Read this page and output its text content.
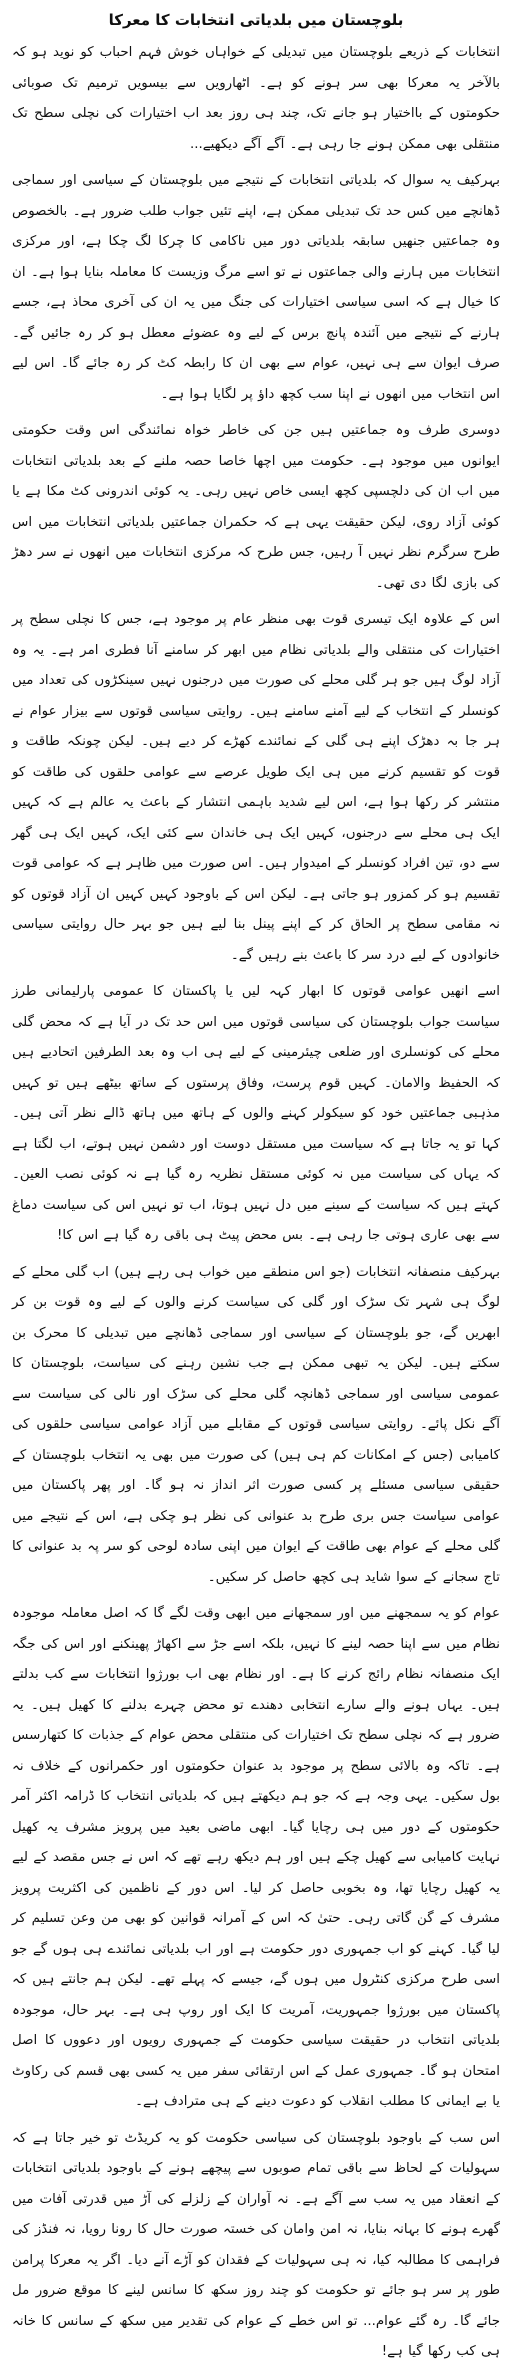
بلوچستان میں بلدیاتی انتخابات کا معرکا

انتخابات کے ذریعے بلوچستان میں تبدیلی کے خواہاں خوش فہم احباب کو نوید ہو کہ بالآخر یہ معرکا بھی سر ہونے کو ہے۔ اٹھارویں سے بیسویں ترمیم تک صوبائی حکومتوں کے بااختیار ہو جانے تک، چند ہی روز بعد اب اختیارات کی نچلی سطح تک منتقلی بھی ممکن ہونے جا رہی ہے۔ آگے آگے دیکھیے...

بہرکیف یہ سوال کہ بلدیاتی انتخابات کے نتیجے میں بلوچستان کے سیاسی اور سماجی ڈھانچے میں کس حد تک تبدیلی ممکن ہے، اپنے تئیں جواب طلب ضرور ہے۔ بالخصوص وہ جماعتیں جنھیں سابقہ بلدیاتی دور میں ناکامی کا چرکا لگ چکا ہے، اور مرکزی انتخابات میں ہارنے والی جماعتوں نے تو اسے مرگ وزیست کا معاملہ بنایا ہوا ہے۔ ان کا خیال ہے کہ اسی سیاسی اختیارات کی جنگ میں یہ ان کی آخری محاذ ہے، جسے ہارنے کے نتیجے میں آئندہ پانچ برس کے لیے وہ عضوئے معطل ہو کر رہ جائیں گے۔ صرف ایوان سے ہی نہیں، عوام سے بھی ان کا رابطہ کٹ کر رہ جائے گا۔ اس لیے اس انتخاب میں انھوں نے اپنا سب کچھ داؤ پر لگایا ہوا ہے۔

دوسری طرف وہ جماعتیں ہیں جن کی خاطر خواہ نمائندگی اس وقت حکومتی ایوانوں میں موجود ہے۔ حکومت میں اچھا خاصا حصہ ملنے کے بعد بلدیاتی انتخابات میں اب ان کی دلچسپی کچھ ایسی خاص نہیں رہی۔ یہ کوئی اندرونی کٹ مکا ہے یا کوئی آزاد روی، لیکن حقیقت یہی ہے کہ حکمران جماعتیں بلدیاتی انتخابات میں اس طرح سرگرم نظر نہیں آ رہیں، جس طرح کہ مرکزی انتخابات میں انھوں نے سر دھڑ کی بازی لگا دی تھی۔

اس کے علاوہ ایک تیسری قوت بھی منظر عام پر موجود ہے، جس کا نچلی سطح پر اختیارات کی منتقلی والے بلدیاتی نظام میں ابھر کر سامنے آنا فطری امر ہے۔ یہ وہ آزاد لوگ ہیں جو ہر گلی محلے کی صورت میں درجنوں نہیں سینکڑوں کی تعداد میں کونسلر کے انتخاب کے لیے آمنے سامنے ہیں۔ روایتی سیاسی قوتوں سے بیزار عوام نے ہر جا بہ دھڑک اپنے ہی گلی کے نمائندے کھڑے کر دیے ہیں۔ لیکن چونکہ طاقت و قوت کو تقسیم کرنے میں ہی ایک طویل عرصے سے عوامی حلقوں کی طاقت کو منتشر کر رکھا ہوا ہے، اس لیے شدید باہمی انتشار کے باعث یہ عالم ہے کہ کہیں ایک ہی محلے سے درجنوں، کہیں ایک ہی خاندان سے کئی ایک، کہیں ایک ہی گھر سے دو، تین افراد کونسلر کے امیدوار ہیں۔ اس صورت میں ظاہر ہے کہ عوامی قوت تقسیم ہو کر کمزور ہو جاتی ہے۔ لیکن اس کے باوجود کہیں کہیں ان آزاد قوتوں کو نہ مقامی سطح پر الحاق کر کے اپنے پینل بنا لیے ہیں جو بہر حال روایتی سیاسی خانوادوں کے لیے درد سر کا باعث بنے رہیں گے۔

اسے انھیں عوامی قوتوں کا ابھار کہہ لیں یا پاکستان کا عمومی پارلیمانی طرز سیاست جواب بلوچستان کی سیاسی قوتوں میں اس حد تک در آیا ہے کہ محض گلی محلے کی کونسلری اور ضلعی چیئرمینی کے لیے ہی اب وہ بعد الطرفین اتحادیے ہیں کہ الحفیظ والامان۔ کہیں قوم پرست، وفاق پرستوں کے ساتھ بیٹھے ہیں تو کہیں مذہبی جماعتیں خود کو سیکولر کہنے والوں کے ہاتھ میں ہاتھ ڈالے نظر آتی ہیں۔ کہا تو یہ جاتا ہے کہ سیاست میں مستقل دوست اور دشمن نہیں ہوتے، اب لگتا ہے کہ یہاں کی سیاست میں نہ کوئی مستقل نظریہ رہ گیا ہے نہ کوئی نصب العین۔ کہتے ہیں کہ سیاست کے سینے میں دل نہیں ہوتا، اب تو نہیں اس کی سیاست دماغ سے بھی عاری ہوتی جا رہی ہے۔ بس محض پیٹ ہی باقی رہ گیا ہے اس کا!

بہرکیف منصفانہ انتخابات (جو اس منطقے میں خواب ہی رہے ہیں) اب گلی محلے کے لوگ ہی شہر تک سڑک اور گلی کی سیاست کرنے والوں کے لیے وہ قوت بن کر ابھریں گے، جو بلوچستان کے سیاسی اور سماجی ڈھانچے میں تبدیلی کا محرک بن سکتے ہیں۔ لیکن یہ تبھی ممکن ہے جب نشین رہنے کی سیاست، بلوچستان کا عمومی سیاسی اور سماجی ڈھانچہ گلی محلے کی سڑک اور نالی کی سیاست سے آگے نکل پائے۔ روایتی سیاسی قوتوں کے مقابلے میں آزاد عوامی سیاسی حلقوں کی کامیابی (جس کے امکانات کم ہی ہیں) کی صورت میں بھی یہ انتخاب بلوچستان کے حقیقی سیاسی مسئلے پر کسی صورت اثر انداز نہ ہو گا۔ اور پھر پاکستان میں عوامی سیاست جس بری طرح بد عنوانی کی نظر ہو چکی ہے، اس کے نتیجے میں گلی محلے کے عوام بھی طاقت کے ایوان میں اپنی سادہ لوحی کو سر پہ بد عنوانی کا تاج سجانے کے سوا شاید ہی کچھ حاصل کر سکیں۔

عوام کو یہ سمجھنے میں اور سمجھانے میں ابھی وقت لگے گا کہ اصل معاملہ موجودہ نظام میں سے اپنا حصہ لینے کا نہیں، بلکہ اسے جڑ سے اکھاڑ پھینکنے اور اس کی جگہ ایک منصفانہ نظام رائج کرنے کا ہے۔ اور نظام بھی اب بورژوا انتخابات سے کب بدلتے ہیں۔ یہاں ہونے والے سارے انتخابی دھندے تو محض چہرے بدلنے کا کھیل ہیں۔ یہ ضرور ہے کہ نچلی سطح تک اختیارات کی منتقلی محض عوام کے جذبات کا کتھارسس ہے۔ تاکہ وہ بالائی سطح پر موجود بد عنوان حکومتوں اور حکمرانوں کے خلاف نہ بول سکیں۔ یہی وجہ ہے کہ جو ہم دیکھتے ہیں کہ بلدیاتی انتخاب کا ڈرامہ اکثر آمر حکومتوں کے دور میں ہی رچایا گیا۔ ابھی ماضی بعید میں پرویز مشرف یہ کھیل نہایت کامیابی سے کھیل چکے ہیں اور ہم دیکھ رہے تھے کہ اس نے جس مقصد کے لیے یہ کھیل رچایا تھا، وہ بخوبی حاصل کر لیا۔ اس دور کے ناظمین کی اکثریت پرویز مشرف کے گن گاتی رہی۔ حتیٰ کہ اس کے آمرانہ قوانین کو بھی من وعن تسلیم کر لیا گیا۔ کہنے کو اب جمہوری دور حکومت ہے اور اب بلدیاتی نمائندے ہی ہوں گے جو اسی طرح مرکزی کنٹرول میں ہوں گے، جیسے کہ پہلے تھے۔ لیکن ہم جانتے ہیں کہ پاکستان میں بورژوا جمہوریت، آمریت کا ایک اور روپ ہی ہے۔ بہر حال، موجودہ بلدیاتی انتخاب در حقیقت سیاسی حکومت کے جمہوری رویوں اور دعووں کا اصل امتحان ہو گا۔ جمہوری عمل کے اس ارتقائی سفر میں یہ کسی بھی قسم کی رکاوٹ یا بے ایمانی کا مطلب انقلاب کو دعوت دینے کے ہی مترادف ہے۔

اس سب کے باوجود بلوچستان کی سیاسی حکومت کو یہ کریڈٹ تو خیر جاتا ہے کہ سہولیات کے لحاظ سے باقی تمام صوبوں سے پیچھے ہونے کے باوجود بلدیاتی انتخابات کے انعقاد میں یہ سب سے آگے ہے۔ نہ آواران کے زلزلے کی آڑ میں قدرتی آفات میں گھرے ہونے کا بہانہ بنایا، نہ امن وامان کی خستہ صورت حال کا رونا رویا، نہ فنڈز کی فراہمی کا مطالبہ کیا، نہ ہی سہولیات کے فقدان کو آڑے آنے دیا۔ اگر یہ معرکا پرامن طور پر سر ہو جائے تو حکومت کو چند روز سکھ کا سانس لینے کا موقع ضرور مل جائے گا۔ رہ گئے عوام... تو اس خطے کے عوام کی تقدیر میں سکھ کے سانس کا خانہ ہی کب رکھا گیا ہے!
